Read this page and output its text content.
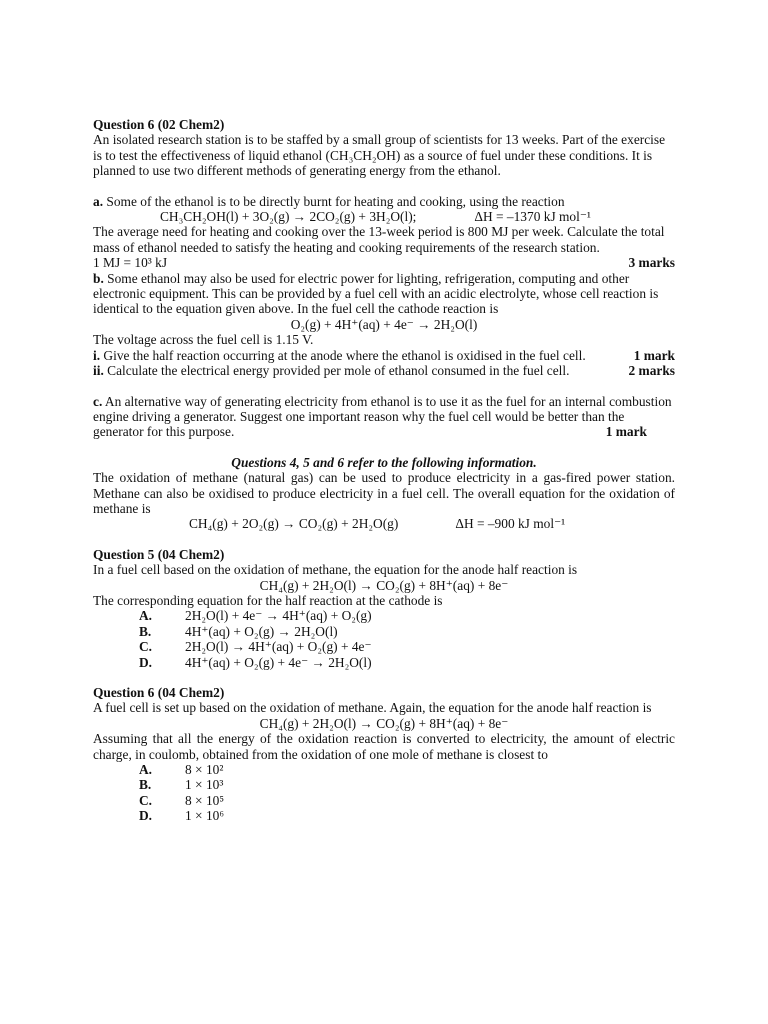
Question 6 (02 Chem2)

An isolated research station is to be staffed by a small group of scientists for 13 weeks. Part of the exercise is to test the effectiveness of liquid ethanol (CH₃CH₂OH) as a source of fuel under these conditions. It is planned to use two different methods of generating energy from the ethanol.

a. Some of the ethanol is to be directly burnt for heating and cooking, using the reaction

CH₃CH₂OH(l) + 3O₂(g) → 2CO₂(g) + 3H₂O(l);	ΔH = –1370 kJ mol⁻¹

The average need for heating and cooking over the 13-week period is 800 MJ per week. Calculate the total mass of ethanol needed to satisfy the heating and cooking requirements of the research station.

1 MJ = 10³ kJ	3 marks

b. Some ethanol may also be used for electric power for lighting, refrigeration, computing and other electronic equipment. This can be provided by a fuel cell with an acidic electrolyte, whose cell reaction is identical to the equation given above. In the fuel cell the cathode reaction is

O₂(g) + 4H⁺(aq) + 4e⁻ → 2H₂O(l)

The voltage across the fuel cell is 1.15 V.

i. Give the half reaction occurring at the anode where the ethanol is oxidised in the fuel cell.	1 mark
ii. Calculate the electrical energy provided per mole of ethanol consumed in the fuel cell.	2 marks

c. An alternative way of generating electricity from ethanol is to use it as the fuel for an internal combustion engine driving a generator. Suggest one important reason why the fuel cell would be better than the generator for this purpose.	1 mark

Questions 4, 5 and 6 refer to the following information.

The oxidation of methane (natural gas) can be used to produce electricity in a gas-fired power station. Methane can also be oxidised to produce electricity in a fuel cell. The overall equation for the oxidation of methane is

CH₄(g) + 2O₂(g) → CO₂(g) + 2H₂O(g)	ΔH = –900 kJ mol⁻¹

Question 5 (04 Chem2)

In a fuel cell based on the oxidation of methane, the equation for the anode half reaction is

CH₄(g) + 2H₂O(l) → CO₂(g) + 8H⁺(aq) + 8e⁻

The corresponding equation for the half reaction at the cathode is

A.	2H₂O(l) + 4e⁻ → 4H⁺(aq) + O₂(g)
B.	4H⁺(aq) + O₂(g) → 2H₂O(l)
C.	2H₂O(l) → 4H⁺(aq) + O₂(g) + 4e⁻
D.	4H⁺(aq) + O₂(g) + 4e⁻ → 2H₂O(l)

Question 6 (04 Chem2)

A fuel cell is set up based on the oxidation of methane. Again, the equation for the anode half reaction is

CH₄(g) + 2H₂O(l) → CO₂(g) + 8H⁺(aq) + 8e⁻

Assuming that all the energy of the oxidation reaction is converted to electricity, the amount of electric charge, in coulomb, obtained from the oxidation of one mole of methane is closest to

A.	8 × 10²
B.	1 × 10³
C.	8 × 10⁵
D.	1 × 10⁶
